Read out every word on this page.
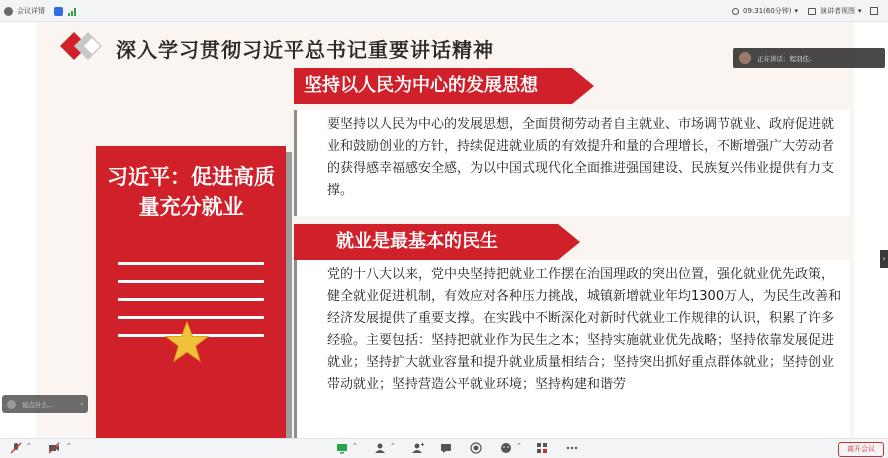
会议详情	09:31(60分钟) ▾	演讲者视图 ▾
深入学习贯彻习近平总书记重要讲话精神
习近平：促进高质量充分就业
坚持以人民为中心的发展思想
要坚持以人民为中心的发展思想，全面贯彻劳动者自主就业、市场调节就业、政府促进就业和鼓励创业的方针，持续促进就业质的有效提升和量的合理增长，不断增强广大劳动者的获得感幸福感安全感，为以中国式现代化全面推进强国建设、民族复兴伟业提供有力支撑。
就业是最基本的民生
党的十八大以来，党中央坚持把就业工作摆在治国理政的突出位置，强化就业优先政策，健全就业促进机制，有效应对各种压力挑战，城镇新增就业年均1300万人，为民生改善和经济发展提供了重要支撑。在实践中不断深化对新时代就业工作规律的认识，积累了许多经验。主要包括：坚持把就业作为民生之本；坚持实施就业优先战略；坚持依靠发展促进就业；坚持扩大就业容量和提升就业质量相结合；坚持突出抓好重点群体就业；坚持创业带动就业；坚持营造公平就业环境；坚持构建和谐劳
正在讲话：程羽佳;
说点什么...	‹
›
⌃	⌃	⌃	⌃	⌃	离开会议
